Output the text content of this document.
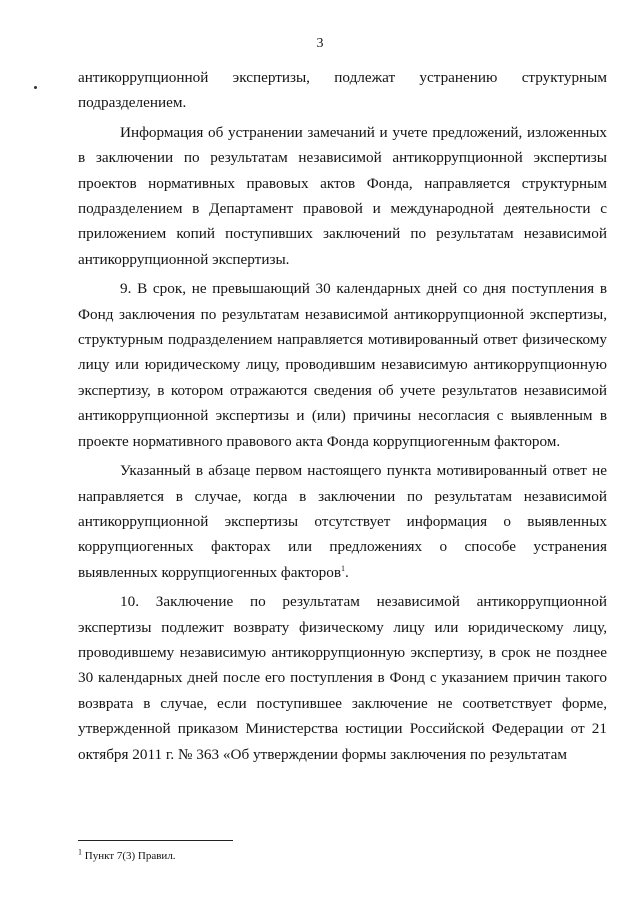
3

антикоррупционной экспертизы, подлежат устранению структурным подразделением.

Информация об устранении замечаний и учете предложений, изложенных в заключении по результатам независимой антикоррупционной экспертизы проектов нормативных правовых актов Фонда, направляется структурным подразделением в Департамент правовой и международной деятельности с приложением копий поступивших заключений по результатам независимой антикоррупционной экспертизы.

9. В срок, не превышающий 30 календарных дней со дня поступления в Фонд заключения по результатам независимой антикоррупционной экспертизы, структурным подразделением направляется мотивированный ответ физическому лицу или юридическому лицу, проводившим независимую антикоррупционную экспертизу, в котором отражаются сведения об учете результатов независимой антикоррупционной экспертизы и (или) причины несогласия с выявленным в проекте нормативного правового акта Фонда коррупциогенным фактором.

Указанный в абзаце первом настоящего пункта мотивированный ответ не направляется в случае, когда в заключении по результатам независимой антикоррупционной экспертизы отсутствует информация о выявленных коррупциогенных факторах или предложениях о способе устранения выявленных коррупциогенных факторов$^1$.

10. Заключение по результатам независимой антикоррупционной экспертизы подлежит возврату физическому лицу или юридическому лицу, проводившему независимую антикоррупционную экспертизу, в срок не позднее 30 календарных дней после его поступления в Фонд с указанием причин такого возврата в случае, если поступившее заключение не соответствует форме, утвержденной приказом Министерства юстиции Российской Федерации от 21 октября 2011 г. № 363 «Об утверждении формы заключения по результатам

$^1$ Пункт 7(3) Правил.
